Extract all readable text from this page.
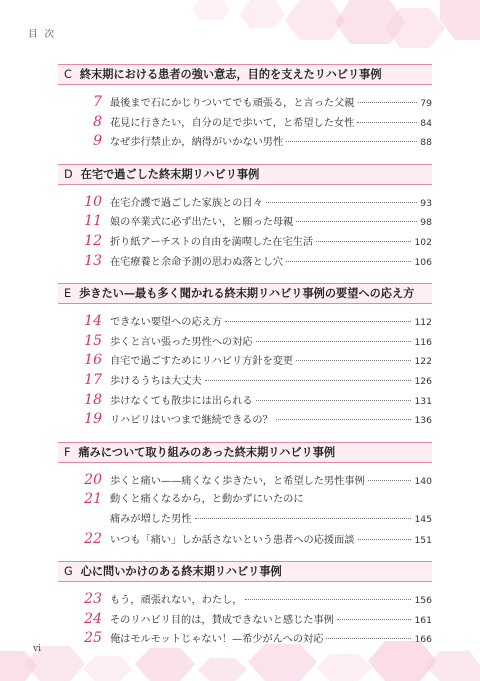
目 次
C 終末期における患者の強い意志，目的を支えたリハビリ事例
7 最後まで石にかじりついてでも頑張る，と言った父親	79
8 花見に行きたい，自分の足で歩いて，と希望した女性	84
9 なぜ歩行禁止か，納得がいかない男性	88
D 在宅で過ごした終末期リハビリ事例
10 在宅介護で過ごした家族との日々	93
11 娘の卒業式に必ず出たい，と願った母親	98
12 折り紙アーチストの自由を満喫した在宅生活	102
13 在宅療養と余命予測の思わぬ落とし穴	106
E 歩きたい—最も多く聞かれる終末期リハビリ事例の要望への応え方
14 できない要望への応え方	112
15 歩くと言い張った男性への対応	116
16 自宅で過ごすためにリハビリ方針を変更	122
17 歩けるうちは大丈夫	126
18 歩けなくても散歩には出られる	131
19 リハビリはいつまで継続できるの？	136
F 痛みについて取り組みのあった終末期リハビリ事例
20 歩くと痛い——痛くなく歩きたい，と希望した男性事例	140
21 動くと痛くなるから，と動かずにいたのに
痛みが増した男性	145
22 いつも「痛い」しか話さないという患者への応援面談	151
G 心に問いかけのある終末期リハビリ事例
23 もう，頑張れない，わたし，	156
24 そのリハビリ目的は，賛成できないと感じた事例	161
25 俺はモルモットじゃない！—希少がんへの対応	166
vi
